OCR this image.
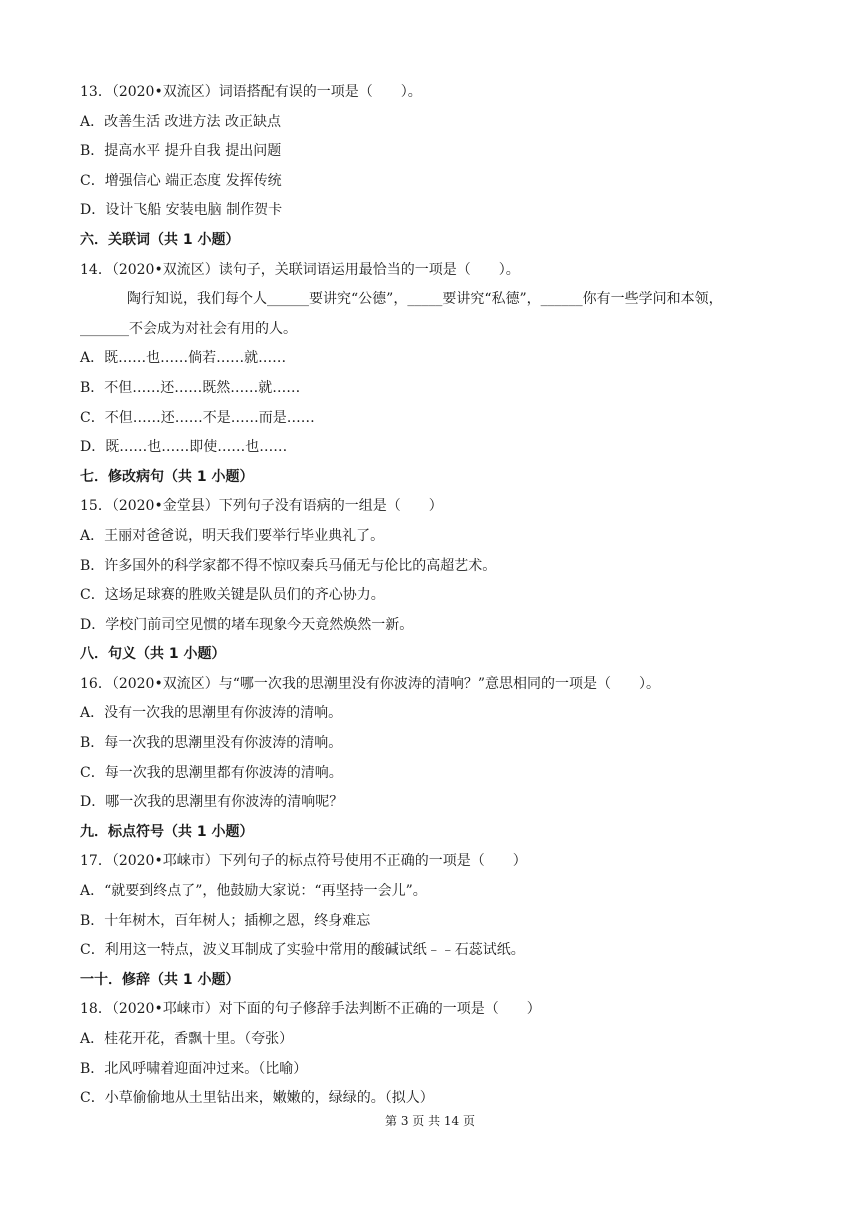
13．（2020•双流区）词语搭配有误的一项是（　　）。
A．改善生活 改进方法 改正缺点
B．提高水平 提升自我 提出问题
C．增强信心 端正态度 发挥传统
D．设计飞船 安装电脑 制作贺卡
六．关联词（共 1 小题）
14．（2020•双流区）读句子，关联词语运用最恰当的一项是（　　）。
陶行知说，我们每个人______要讲究“公德”，_____要讲究“私德”，______你有一些学问和本领，
_______不会成为对社会有用的人。
A．既……也……倘若……就……
B．不但……还……既然……就……
C．不但……还……不是……而是……
D．既……也……即使……也……
七．修改病句（共 1 小题）
15．（2020•金堂县）下列句子没有语病的一组是（　　）
A．王丽对爸爸说，明天我们要举行毕业典礼了。
B．许多国外的科学家都不得不惊叹秦兵马俑无与伦比的高超艺术。
C．这场足球赛的胜败关键是队员们的齐心协力。
D．学校门前司空见惯的堵车现象今天竟然焕然一新。
八．句义（共 1 小题）
16．（2020•双流区）与“哪一次我的思潮里没有你波涛的清响？”意思相同的一项是（　　）。
A．没有一次我的思潮里有你波涛的清响。
B．每一次我的思潮里没有你波涛的清响。
C．每一次我的思潮里都有你波涛的清响。
D．哪一次我的思潮里有你波涛的清响呢？
九．标点符号（共 1 小题）
17．（2020•邛崃市）下列句子的标点符号使用不正确的一项是（　　）
A．“就要到终点了”，他鼓励大家说：“再坚持一会儿”。
B．十年树木，百年树人；插柳之恩，终身难忘
C．利用这一特点，波义耳制成了实验中常用的酸碱试纸﹣﹣石蕊试纸。
一十．修辞（共 1 小题）
18．（2020•邛崃市）对下面的句子修辞手法判断不正确的一项是（　　）
A．桂花开花，香飘十里。（夸张）
B．北风呼啸着迎面冲过来。（比喻）
C．小草偷偷地从土里钻出来，嫩嫩的，绿绿的。（拟人）
第 3 页 共 14 页
